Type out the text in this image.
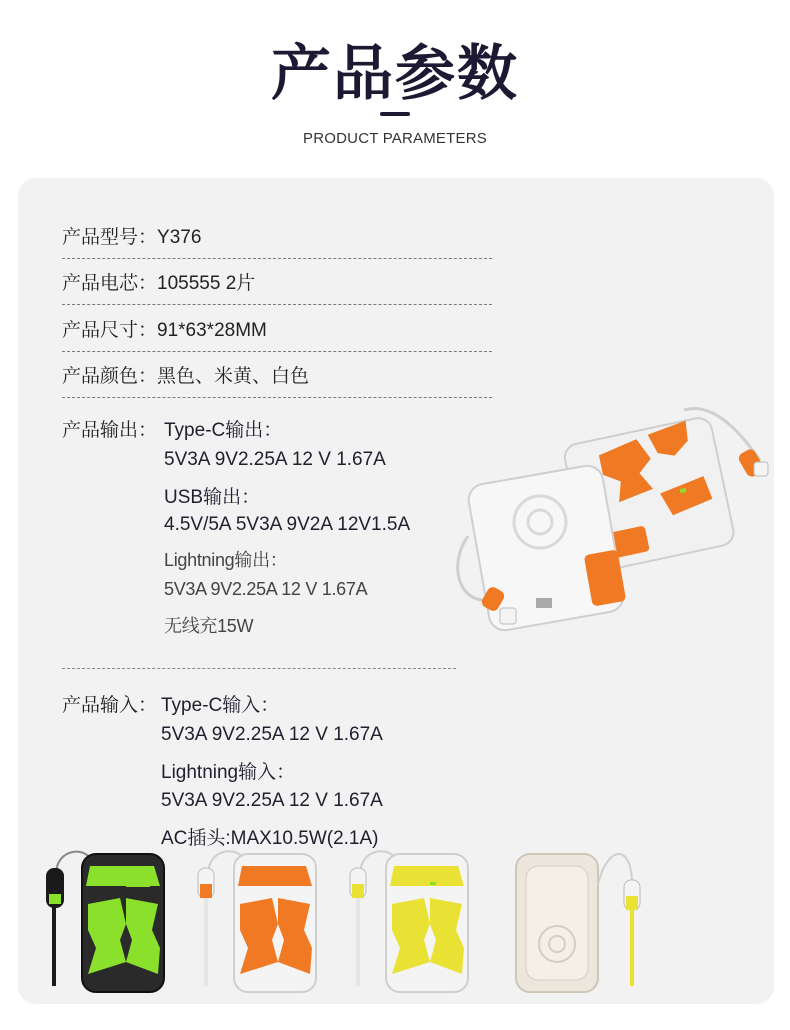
产品参数
PRODUCT PARAMETERS
产品型号：Y376
产品电芯：105555 2片
产品尺寸：91*63*28MM
产品颜色：黑色、米黄、白色
产品输出： Type-C输出：
5V3A 9V2.25A 12 V 1.67A
USB输出：
4.5V/5A 5V3A 9V2A 12V1.5A
Lightning输出：
5V3A 9V2.25A 12 V 1.67A
无线充15W
产品输入： Type-C输入：
5V3A 9V2.25A 12 V 1.67A
Lightning输入：
5V3A 9V2.25A 12 V 1.67A
AC插头:MAX10.5W(2.1A)
